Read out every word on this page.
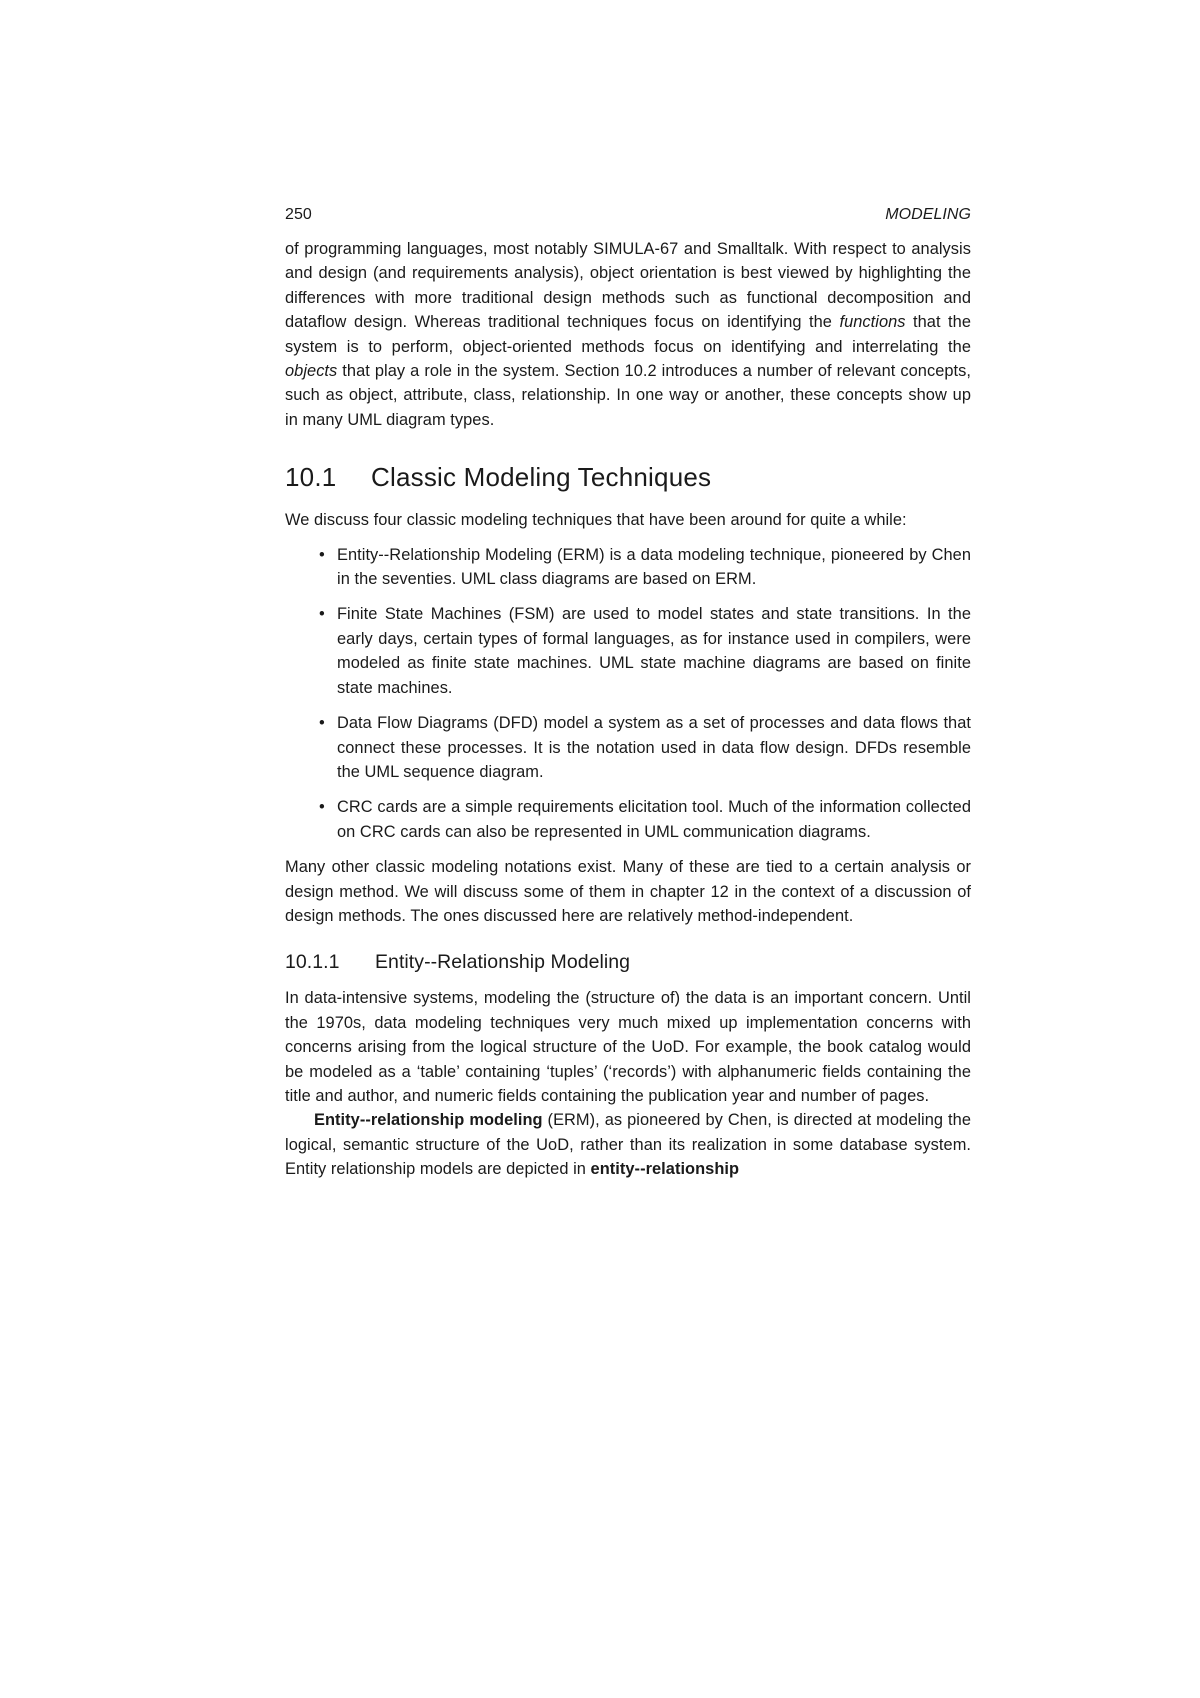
250	MODELING

of programming languages, most notably SIMULA-67 and Smalltalk. With respect to analysis and design (and requirements analysis), object orientation is best viewed by highlighting the differences with more traditional design methods such as functional decomposition and dataflow design. Whereas traditional techniques focus on identifying the functions that the system is to perform, object-oriented methods focus on identifying and interrelating the objects that play a role in the system. Section 10.2 introduces a number of relevant concepts, such as object, attribute, class, relationship. In one way or another, these concepts show up in many UML diagram types.

10.1 Classic Modeling Techniques

We discuss four classic modeling techniques that have been around for quite a while:

• Entity--Relationship Modeling (ERM) is a data modeling technique, pioneered by Chen in the seventies. UML class diagrams are based on ERM.
• Finite State Machines (FSM) are used to model states and state transitions. In the early days, certain types of formal languages, as for instance used in compilers, were modeled as finite state machines. UML state machine diagrams are based on finite state machines.
• Data Flow Diagrams (DFD) model a system as a set of processes and data flows that connect these processes. It is the notation used in data flow design. DFDs resemble the UML sequence diagram.
• CRC cards are a simple requirements elicitation tool. Much of the information collected on CRC cards can also be represented in UML communication diagrams.

Many other classic modeling notations exist. Many of these are tied to a certain analysis or design method. We will discuss some of them in chapter 12 in the context of a discussion of design methods. The ones discussed here are relatively method-independent.

10.1.1 Entity--Relationship Modeling

In data-intensive systems, modeling the (structure of) the data is an important concern. Until the 1970s, data modeling techniques very much mixed up implementation concerns with concerns arising from the logical structure of the UoD. For example, the book catalog would be modeled as a ‘table’ containing ‘tuples’ (‘records’) with alphanumeric fields containing the title and author, and numeric fields containing the publication year and number of pages.

Entity--relationship modeling (ERM), as pioneered by Chen, is directed at modeling the logical, semantic structure of the UoD, rather than its realization in some database system. Entity relationship models are depicted in entity--relationship
